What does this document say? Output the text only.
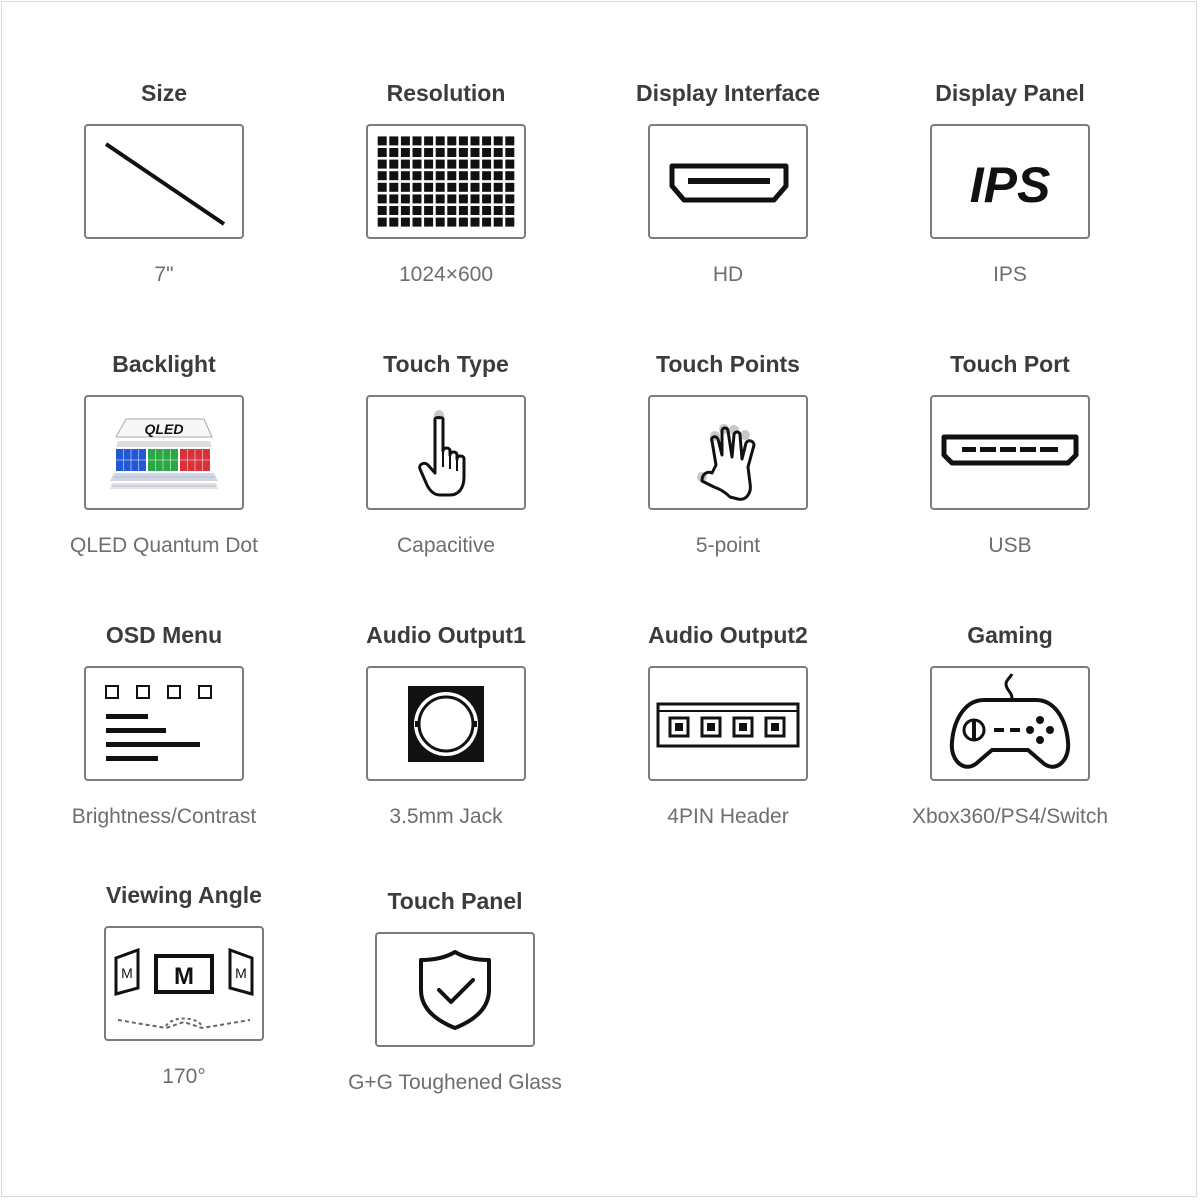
Size
7"
Resolution
1024×600
Display Interface
HD
Display Panel
IPS
IPS
Backlight
QLED
QLED Quantum Dot
Touch Type
Capacitive
Touch Points
5-point
Touch Port
USB
OSD Menu
Brightness/Contrast
Audio Output1
3.5mm Jack
Audio Output2
4PIN Header
Gaming
Xbox360/PS4/Switch
Viewing Angle
M M	M
170°
Touch Panel
G+G Toughened Glass
